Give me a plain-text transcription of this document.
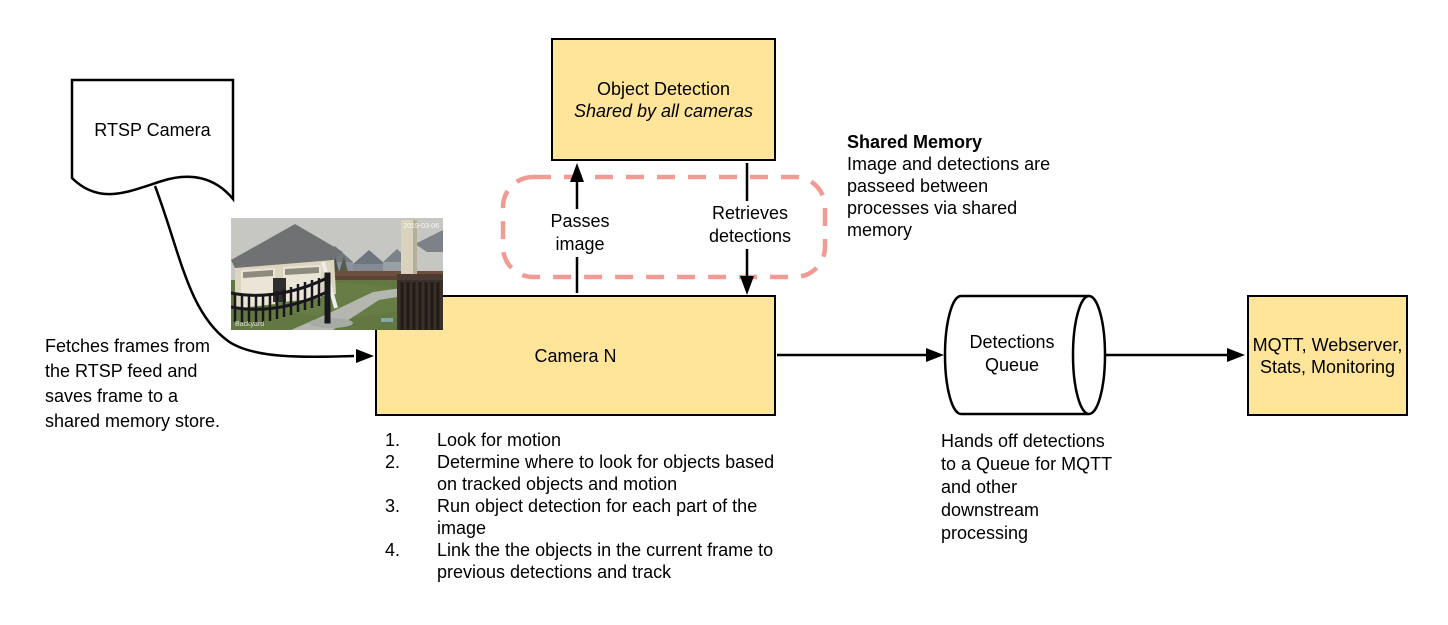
RTSP Camera
Fetches frames from the RTSP feed and saves frame to a shared memory store.
Object Detection
Shared by all cameras
Passes image
Retrieves detections
Shared Memory
Image and detections are passeed between processes via shared memory
Camera N
2019-03-06
Backyard
1.	Look for motion
2.	Determine where to look for objects based on tracked objects and motion
3.	Run object detection for each part of the image
4.	Link the the objects in the current frame to previous detections and track
Detections Queue
Hands off detections to a Queue for MQTT and other downstream processing
MQTT, Webserver, Stats, Monitoring
